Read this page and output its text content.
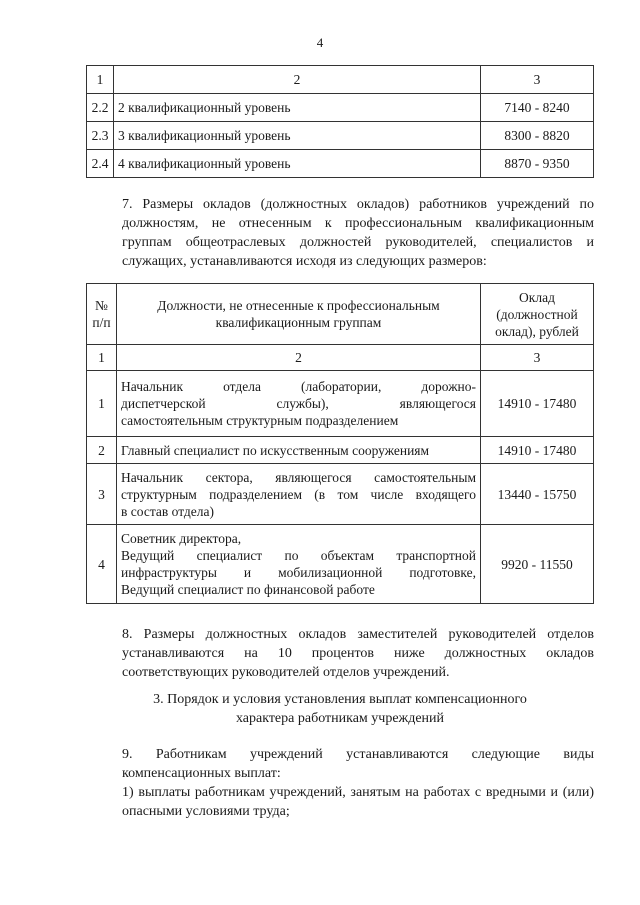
4
1	2	3
2.2	2 квалификационный уровень	7140 - 8240
2.3	3 квалификационный уровень	8300 - 8820
2.4	4 квалификационный уровень	8870 - 9350
7. Размеры окладов (должностных окладов) работников учреждений по должностям, не отнесенным к профессиональным квалификационным группам общеотраслевых должностей руководителей, специалистов и служащих, устанавливаются исходя из следующих размеров:
№ п/п	Должности, не отнесенные к профессиональным квалификационным группам	Оклад (должностной оклад), рублей
1	2	3
1	Начальник отдела (лаборатории, дорожно-
диспетчерской службы), являющегося
самостоятельным структурным подразделением	14910 - 17480
2	Главный специалист по искусственным сооружениям	14910 - 17480
3	Начальник сектора, являющегося самостоятельным
структурным подразделением (в том числе входящего
в состав отдела)	13440 - 15750
4	Советник директора,
Ведущий специалист по объектам транспортной
инфраструктуры и мобилизационной подготовке,
Ведущий специалист по финансовой работе	9920 - 11550
8. Размеры должностных окладов заместителей руководителей отделов устанавливаются на 10 процентов ниже должностных окладов соответствующих руководителей отделов учреждений.
3. Порядок и условия установления выплат компенсационного
характера работникам учреждений
9. Работникам учреждений устанавливаются следующие виды компенсационных выплат:
1) выплаты работникам учреждений, занятым на работах с вредными и (или) опасными условиями труда;
